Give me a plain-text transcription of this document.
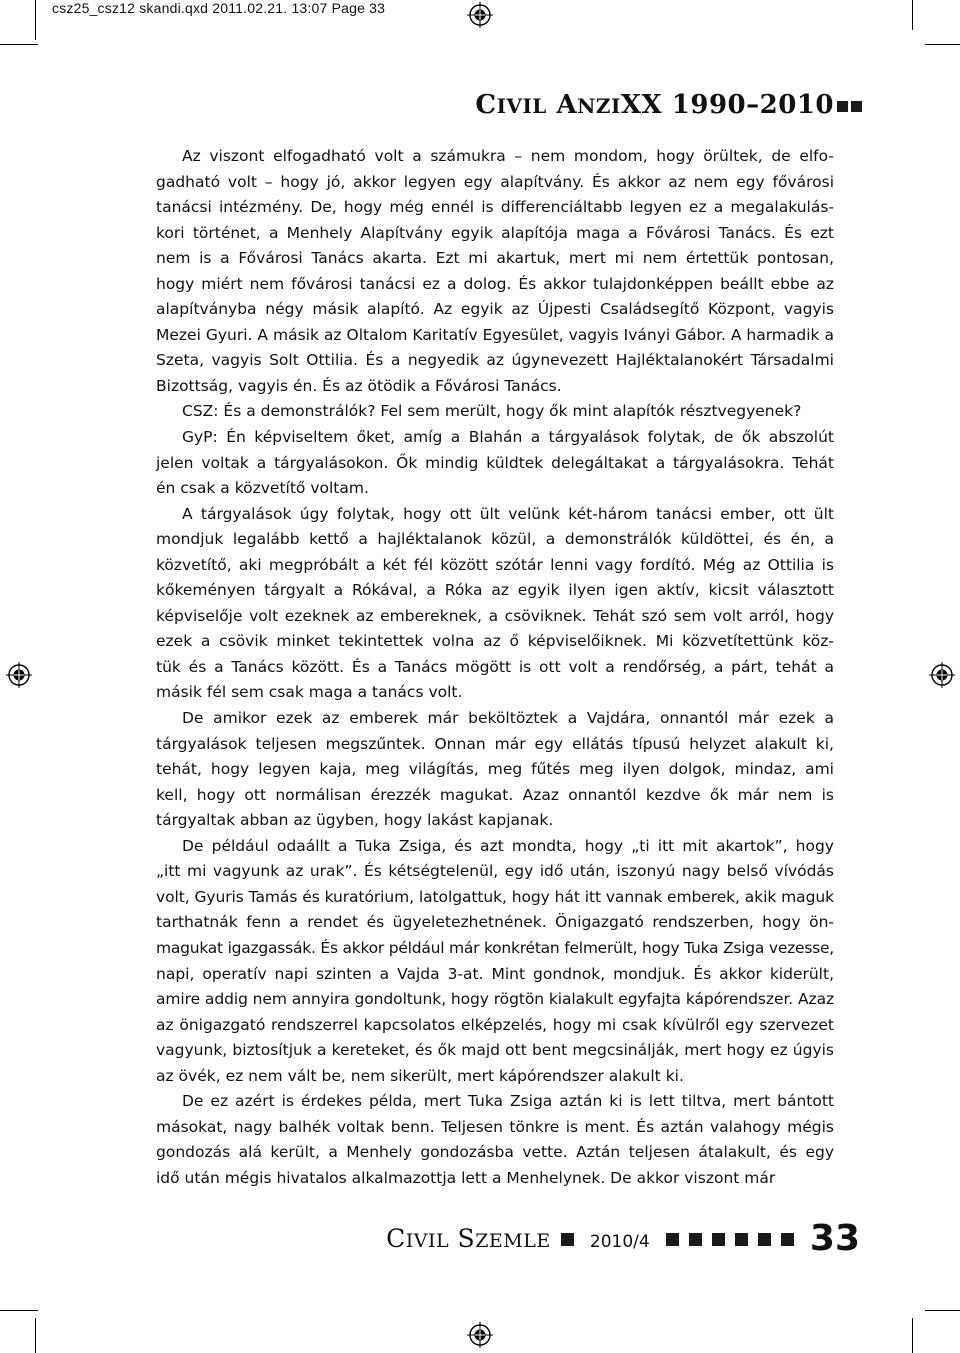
csz25_csz12 skandi.qxd 2011.02.21. 13:07 Page 33
CIVIL ANZIXX 1990–2010

Az viszont elfogadható volt a számukra – nem mondom, hogy örültek, de elfo-
gadható volt – hogy jó, akkor legyen egy alapítvány. És akkor az nem egy fővárosi
tanácsi intézmény. De, hogy még ennél is differenciáltabb legyen ez a megalakulás-
kori történet, a Menhely Alapítvány egyik alapítója maga a Fővárosi Tanács. És ezt
nem is a Fővárosi Tanács akarta. Ezt mi akartuk, mert mi nem értettük pontosan,
hogy miért nem fővárosi tanácsi ez a dolog. És akkor tulajdonképpen beállt ebbe az
alapítványba négy másik alapító. Az egyik az Újpesti Családsegítő Központ, vagyis
Mezei Gyuri. A másik az Oltalom Karitatív Egyesület, vagyis Iványi Gábor. A harmadik a
Szeta, vagyis Solt Ottilia. És a negyedik az úgynevezett Hajléktalanokért Társadalmi
Bizottság, vagyis én. És az ötödik a Fővárosi Tanács.

CSZ: És a demonstrálók? Fel sem merült, hogy ők mint alapítók résztvegyenek?

GyP: Én képviseltem őket, amíg a Blahán a tárgyalások folytak, de ők abszolút
jelen voltak a tárgyalásokon. Ők mindig küldtek delegáltakat a tárgyalásokra. Tehát
én csak a közvetítő voltam.

A tárgyalások úgy folytak, hogy ott ült velünk két-három tanácsi ember, ott ült
mondjuk legalább kettő a hajléktalanok közül, a demonstrálók küldöttei, és én, a
közvetítő, aki megpróbált a két fél között szótár lenni vagy fordító. Még az Ottilia is
kőkeményen tárgyalt a Rókával, a Róka az egyik ilyen igen aktív, kicsit választott
képviselője volt ezeknek az embereknek, a csöviknek. Tehát szó sem volt arról, hogy
ezek a csövik minket tekintettek volna az ő képviselőiknek. Mi közvetítettünk köz-
tük és a Tanács között. És a Tanács mögött is ott volt a rendőrség, a párt, tehát a
másik fél sem csak maga a tanács volt.

De amikor ezek az emberek már beköltöztek a Vajdára, onnantól már ezek a
tárgyalások teljesen megszűntek. Onnan már egy ellátás típusú helyzet alakult ki,
tehát, hogy legyen kaja, meg világítás, meg fűtés meg ilyen dolgok, mindaz, ami
kell, hogy ott normálisan érezzék magukat. Azaz onnantól kezdve ők már nem is
tárgyaltak abban az ügyben, hogy lakást kapjanak.

De például odaállt a Tuka Zsiga, és azt mondta, hogy „ti itt mit akartok”, hogy
„itt mi vagyunk az urak”. És kétségtelenül, egy idő után, iszonyú nagy belső vívódás
volt, Gyuris Tamás és kuratórium, latolgattuk, hogy hát itt vannak emberek, akik maguk
tarthatnák fenn a rendet és ügyeletezhetnének. Önigazgató rendszerben, hogy ön-
magukat igazgassák. És akkor például már konkrétan felmerült, hogy Tuka Zsiga vezesse,
napi, operatív napi szinten a Vajda 3-at. Mint gondnok, mondjuk. És akkor kiderült,
amire addig nem annyira gondoltunk, hogy rögtön kialakult egyfajta kápórendszer. Azaz
az önigazgató rendszerrel kapcsolatos elképzelés, hogy mi csak kívülről egy szervezet
vagyunk, biztosítjuk a kereteket, és ők majd ott bent megcsinálják, mert hogy ez úgyis
az övék, ez nem vált be, nem sikerült, mert kápórendszer alakult ki.

De ez azért is érdekes példa, mert Tuka Zsiga aztán ki is lett tiltva, mert bántott
másokat, nagy balhék voltak benn. Teljesen tönkre is ment. És aztán valahogy mégis
gondozás alá került, a Menhely gondozásba vette. Aztán teljesen átalakult, és egy
idő után mégis hivatalos alkalmazottja lett a Menhelynek. De akkor viszont már

CIVIL SZEMLE 2010/4	33
